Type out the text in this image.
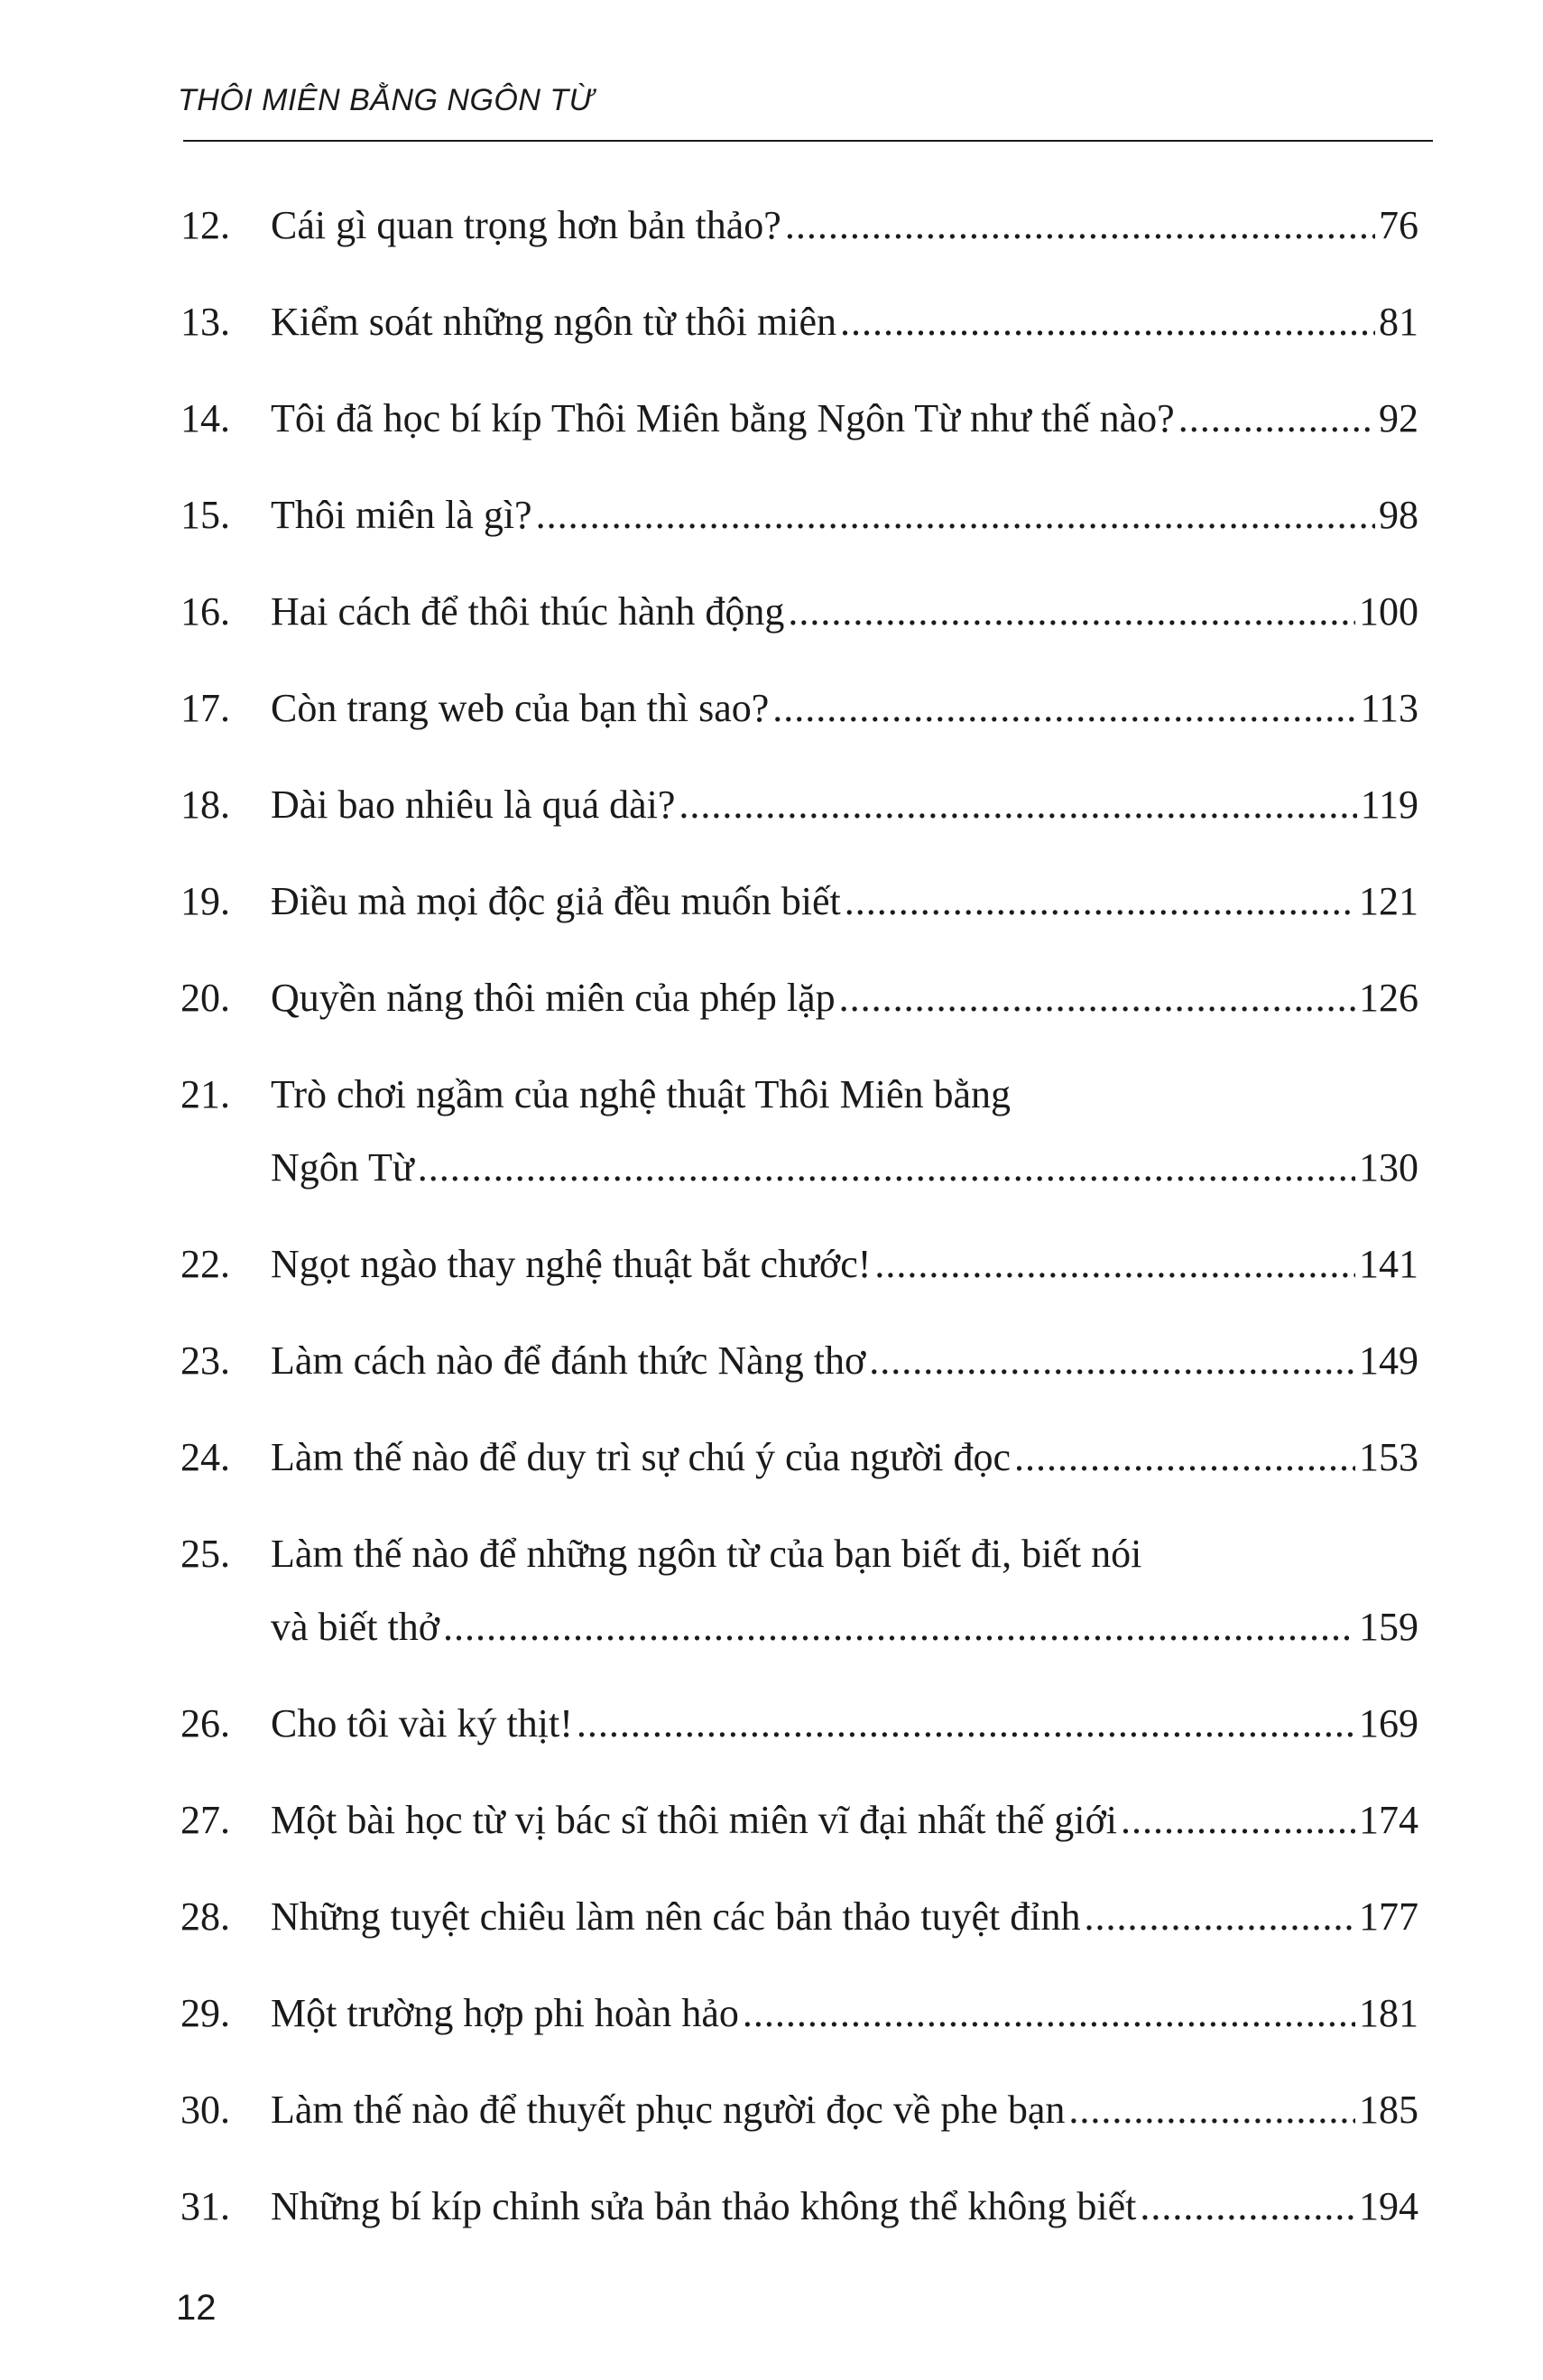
THÔI MIÊN BẰNG NGÔN TỪ
12.	Cái gì quan trọng hơn bản thảo? .....	76
13.	Kiểm soát những ngôn từ thôi miên .....	81
14.	Tôi đã học bí kíp Thôi Miên bằng Ngôn Từ như thế nào? .....	92
15.	Thôi miên là gì? .....	98
16.	Hai cách để thôi thúc hành động .....	100
17.	Còn trang web của bạn thì sao? .....	113
18.	Dài bao nhiêu là quá dài? .....	119
19.	Điều mà mọi độc giả đều muốn biết .....	121
20.	Quyền năng thôi miên của phép lặp .....	126
21.	Trò chơi ngầm của nghệ thuật Thôi Miên bằng
Ngôn Từ .....	130
22.	Ngọt ngào thay nghệ thuật bắt chước! .....	141
23.	Làm cách nào để đánh thức Nàng thơ .....	149
24.	Làm thế nào để duy trì sự chú ý của người đọc .....	153
25.	Làm thế nào để những ngôn từ của bạn biết đi, biết nói
và biết thở .....	159
26.	Cho tôi vài ký thịt! .....	169
27.	Một bài học từ vị bác sĩ thôi miên vĩ đại nhất thế giới .....	174
28.	Những tuyệt chiêu làm nên các bản thảo tuyệt đỉnh .....	177
29.	Một trường hợp phi hoàn hảo .....	181
30.	Làm thế nào để thuyết phục người đọc về phe bạn .....	185
31.	Những bí kíp chỉnh sửa bản thảo không thể không biết .....	194
12
